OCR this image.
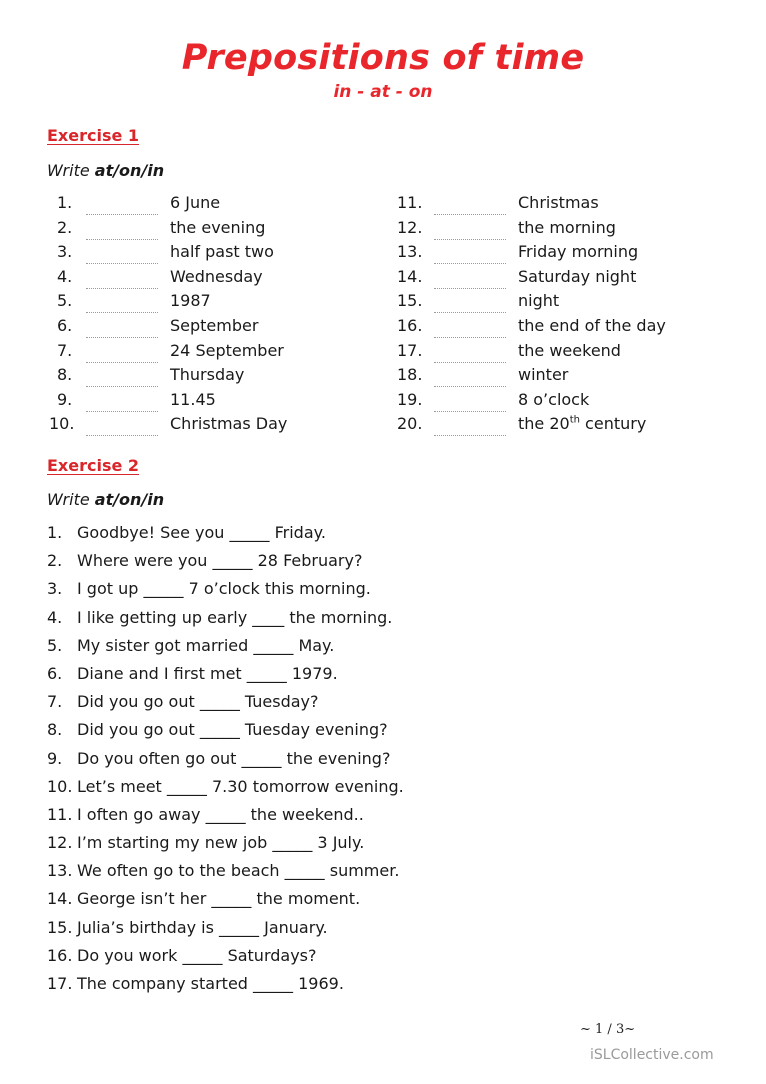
Prepositions of time
in - at - on
Exercise 1
Write at/on/in
1.	6 June
2.	the evening
3.	half past two
4.	Wednesday
5.	1987
6.	September
7.	24 September
8.	Thursday
9.	11.45
10.	Christmas Day
11.	Christmas
12.	the morning
13.	Friday morning
14.	Saturday night
15.	night
16.	the end of the day
17.	the weekend
18.	winter
19.	8 o’clock
20.	the 20th century
Exercise 2
Write at/on/in
1. Goodbye! See you _____ Friday.
2. Where were you _____ 28 February?
3. I got up _____ 7 o’clock this morning.
4. I like getting up early ____ the morning.
5. My sister got married _____ May.
6. Diane and I first met _____ 1979.
7. Did you go out _____ Tuesday?
8. Did you go out _____ Tuesday evening?
9. Do you often go out _____ the evening?
10. Let’s meet _____ 7.30 tomorrow evening.
11. I often go away _____ the weekend..
12. I’m starting my new job _____ 3 July.
13. We often go to the beach _____ summer.
14. George isn’t her _____ the moment.
15. Julia’s birthday is _____ January.
16. Do you work _____ Saturdays?
17. The company started _____ 1969.
~ 1 / 3~
iSLCollective.com
